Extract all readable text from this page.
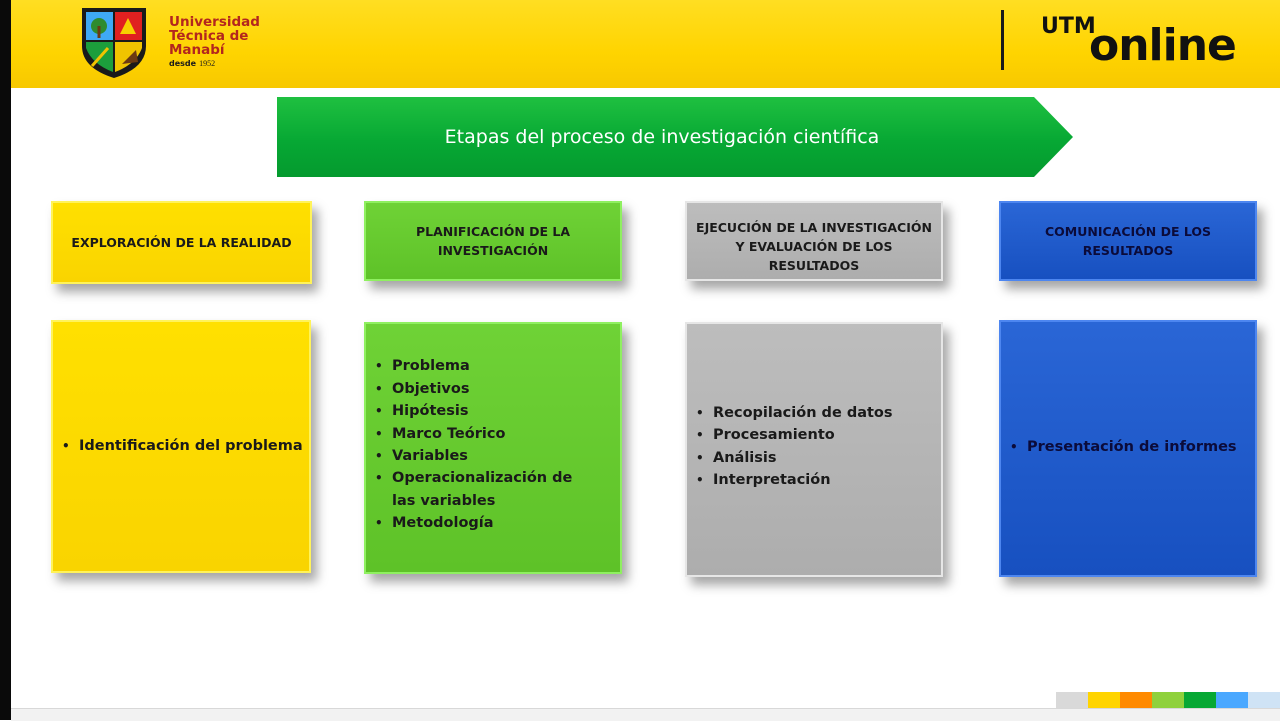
Universidad
Técnica de
Manabí
desde 1952
UTM
online
Etapas del proceso de investigación científica
EXPLORACIÓN DE LA REALIDAD
PLANIFICACIÓN DE LA INVESTIGACIÓN
EJECUCIÓN DE LA INVESTIGACIÓN Y EVALUACIÓN DE LOS RESULTADOS
COMUNICACIÓN DE LOS RESULTADOS
• Identificación del problema
• Problema
• Objetivos
• Hipótesis
• Marco Teórico
• Variables
• Operacionalización de las variables
• Metodología
• Recopilación de datos
• Procesamiento
• Análisis
• Interpretación
• Presentación de informes
